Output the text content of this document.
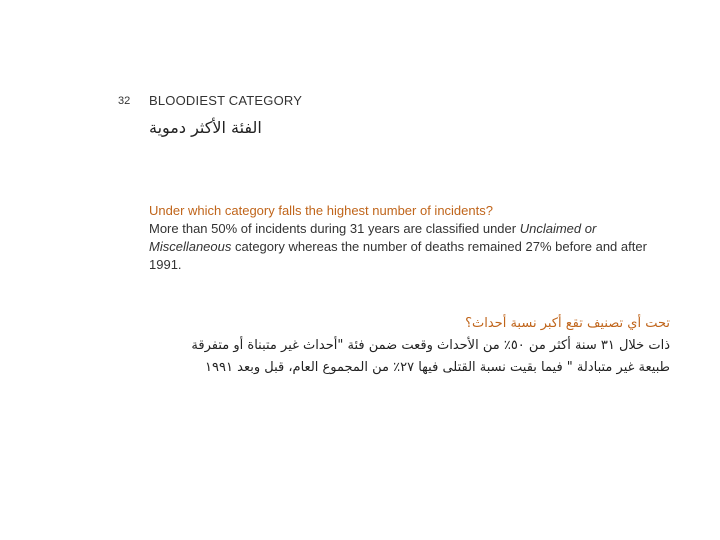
32 BLOODIEST CATEGORY
الفئة الأكثر دموية
Under which category falls the highest number of incidents?
More than 50% of incidents during 31 years are classified under Unclaimed or Miscellaneous category whereas the number of deaths remained 27% before and after 1991.
تحت أي تصنيف تقع أكبر نسبة أحداث؟
ذات خلال ٣١ سنة أكثر من ٥٠٪ من الأحداث وقعت ضمن فئة "أحداث غير متبناة أو متفرقة
طبيعة غير متبادلة " فيما بقيت نسبة القتلى فيها ٢٧٪ من المجموع العام، قبل وبعد ١٩٩١
